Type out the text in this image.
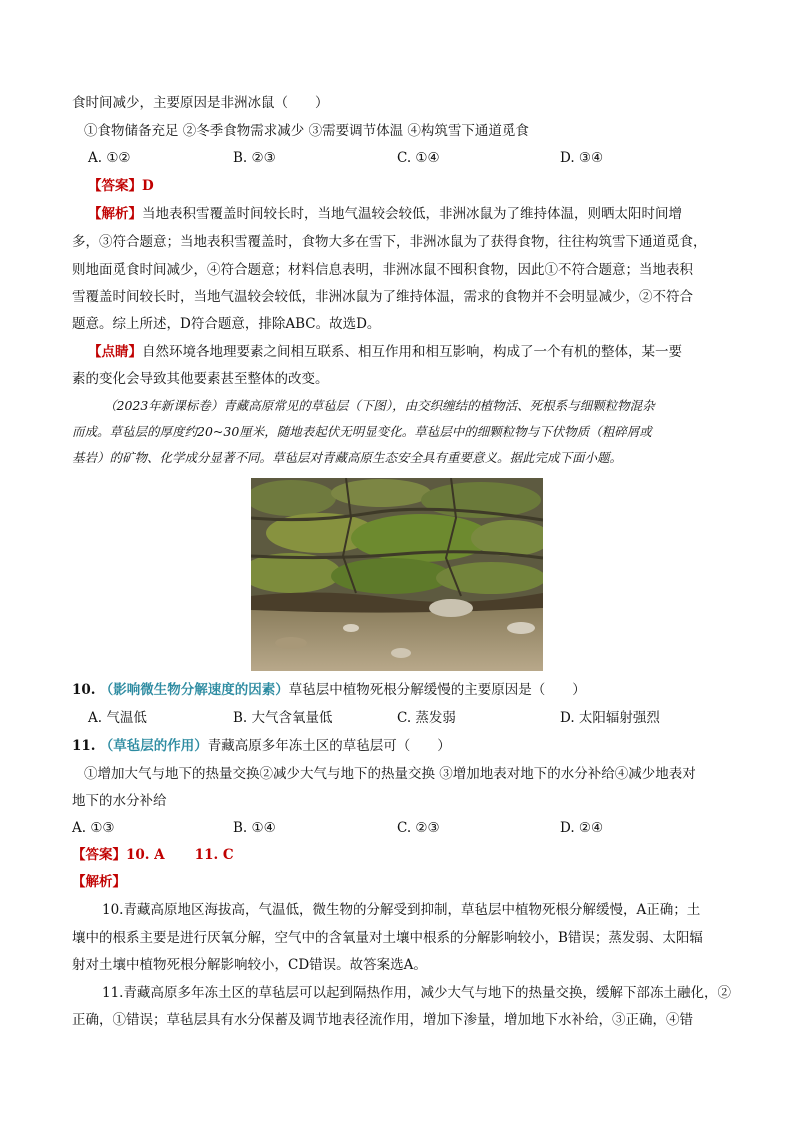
食时间减少，主要原因是非洲冰鼠（　　）
①食物储备充足 ②冬季食物需求减少 ③需要调节体温 ④构筑雪下通道觅食
A. ①②	B. ②③	C. ①④	D. ③④
【答案】D
【解析】当地表积雪覆盖时间较长时，当地气温较会较低，非洲冰鼠为了维持体温，则晒太阳时间增
多，③符合题意；当地表积雪覆盖时，食物大多在雪下，非洲冰鼠为了获得食物，往往构筑雪下通道觅食，
则地面觅食时间减少，④符合题意；材料信息表明，非洲冰鼠不囤积食物，因此①不符合题意；当地表积
雪覆盖时间较长时，当地气温较会较低，非洲冰鼠为了维持体温，需求的食物并不会明显减少，②不符合
题意。综上所述，D符合题意，排除ABC。故选D。
【点睛】自然环境各地理要素之间相互联系、相互作用和相互影响，构成了一个有机的整体，某一要
素的变化会导致其他要素甚至整体的改变。
（2023年新课标卷）青藏高原常见的草毡层（下图），由交织缠结的植物活、死根系与细颗粒物混杂
而成。草毡层的厚度约20~30厘米，随地表起伏无明显变化。草毡层中的细颗粒物与下伏物质（粗碎屑或
基岩）的矿物、化学成分显著不同。草毡层对青藏高原生态安全具有重要意义。据此完成下面小题。
10. （影响微生物分解速度的因素）草毡层中植物死根分解缓慢的主要原因是（　　）
A. 气温低	B. 大气含氧量低	C. 蒸发弱	D. 太阳辐射强烈
11. （草毡层的作用）青藏高原多年冻土区的草毡层可（　　）
①增加大气与地下的热量交换②减少大气与地下的热量交换 ③增加地表对地下的水分补给④减少地表对
地下的水分补给
A. ①③	B. ①④	C. ②③	D. ②④
【答案】10. A 11. C
【解析】
10.青藏高原地区海拔高，气温低，微生物的分解受到抑制，草毡层中植物死根分解缓慢，A正确；土
壤中的根系主要是进行厌氧分解，空气中的含氧量对土壤中根系的分解影响较小，B错误；蒸发弱、太阳辐
射对土壤中植物死根分解影响较小，CD错误。故答案选A。
11.青藏高原多年冻土区的草毡层可以起到隔热作用，减少大气与地下的热量交换，缓解下部冻土融化，②
正确，①错误；草毡层具有水分保蓄及调节地表径流作用，增加下渗量，增加地下水补给，③正确，④错
